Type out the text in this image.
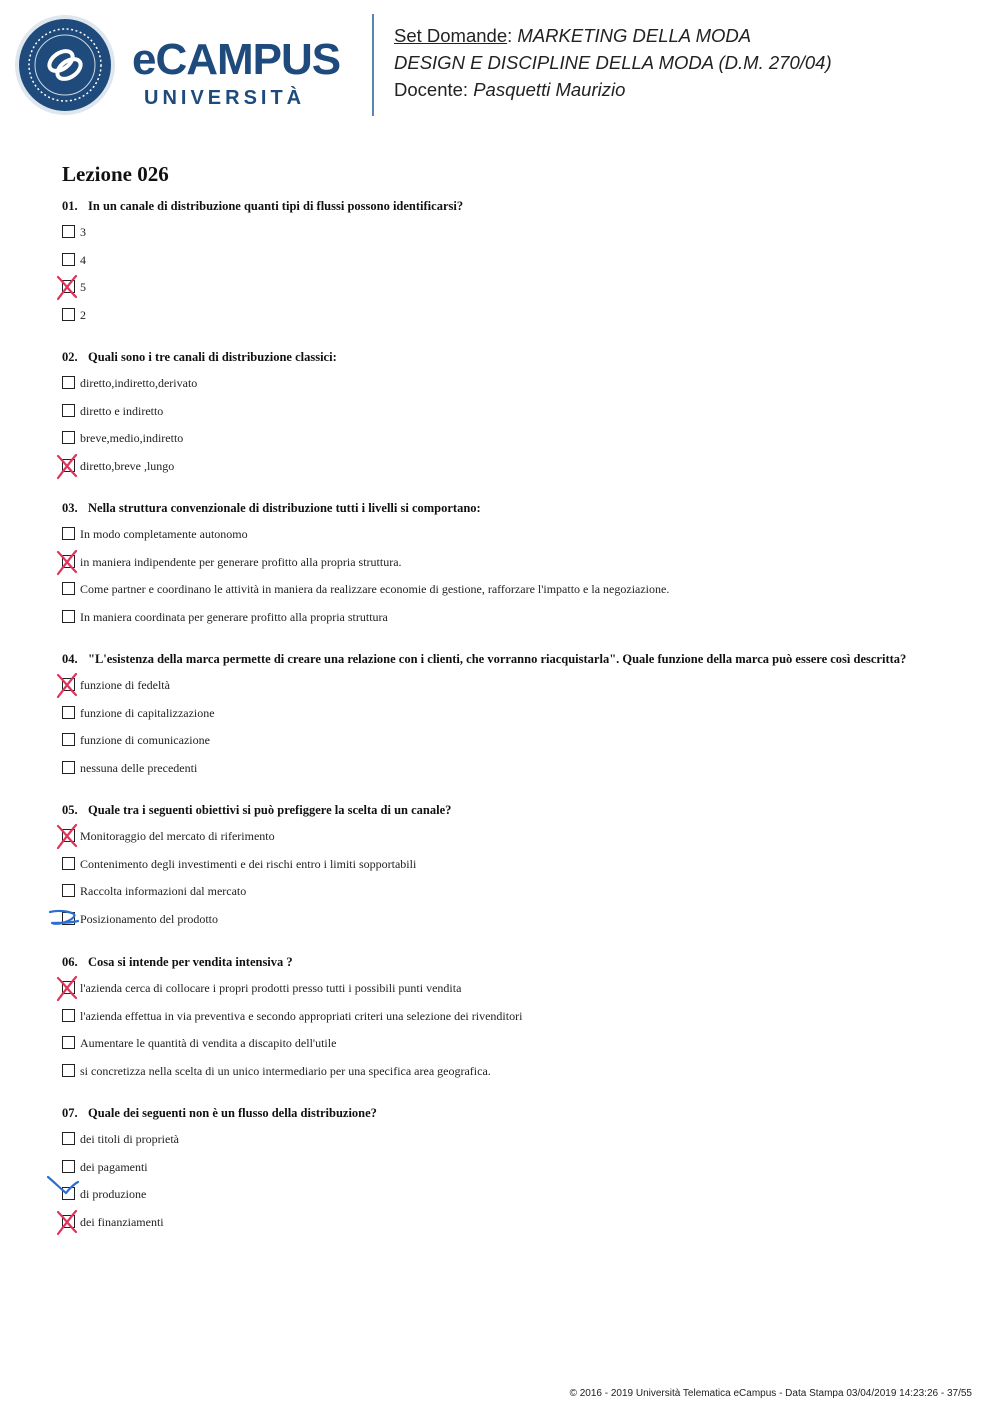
eCAMPUS
UNIVERSITÀ
Set Domande: MARKETING DELLA MODA
DESIGN E DISCIPLINE DELLA MODA (D.M. 270/04)
Docente: Pasquetti Maurizio
Lezione 026
01. In un canale di distribuzione quanti tipi di flussi possono identificarsi?
3
4
5
2
02. Quali sono i tre canali di distribuzione classici:
diretto,indiretto,derivato
diretto e indiretto
breve,medio,indiretto
diretto,breve ,lungo
03. Nella struttura convenzionale di distribuzione tutti i livelli si comportano:
In modo completamente autonomo
in maniera indipendente per generare profitto alla propria struttura.
Come partner e coordinano le attività in maniera da realizzare economie di gestione, rafforzare l'impatto e la negoziazione.
In maniera coordinata per generare profitto alla propria struttura
04. "L'esistenza della marca permette di creare una relazione con i clienti, che vorranno riacquistarla". Quale funzione della marca può essere così descritta?
funzione di fedeltà
funzione di capitalizzazione
funzione di comunicazione
nessuna delle precedenti
05. Quale tra i seguenti obiettivi si può prefiggere la scelta di un canale?
Monitoraggio del mercato di riferimento
Contenimento degli investimenti e dei rischi entro i limiti sopportabili
Raccolta informazioni dal mercato
Posizionamento del prodotto
06. Cosa si intende per vendita intensiva ?
l'azienda cerca di collocare i propri prodotti presso tutti i possibili punti vendita
l'azienda effettua in via preventiva e secondo appropriati criteri una selezione dei rivenditori
Aumentare le quantità di vendita a discapito dell'utile
si concretizza nella scelta di un unico intermediario per una specifica area geografica.
07. Quale dei seguenti non è un flusso della distribuzione?
dei titoli di proprietà
dei pagamenti
di produzione
dei finanziamenti
© 2016 - 2019 Università Telematica eCampus - Data Stampa 03/04/2019 14:23:26 - 37/55
